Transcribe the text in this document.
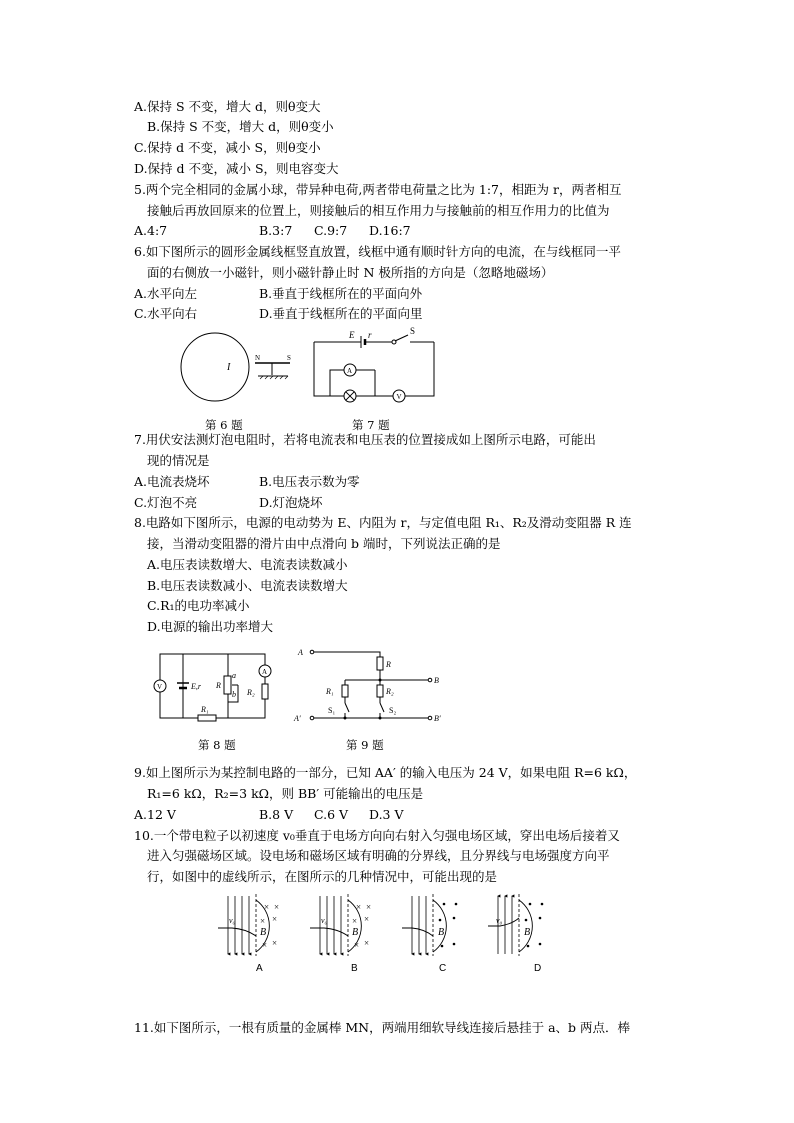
A.保持 S 不变，增大 d，则θ变大
B.保持 S 不变，增大 d，则θ变小
C.保持 d 不变，减小 S，则θ变小
D.保持 d 不变，减小 S，则电容变大
5.两个完全相同的金属小球，带异种电荷,两者带电荷量之比为 1:7，相距为 r，两者相互
接触后再放回原来的位置上，则接触后的相互作用力与接触前的相互作用力的比值为
A.4:7	B.3:7 C.9:7 D.16:7
6.如下图所示的圆形金属线框竖直放置，线框中通有顺时针方向的电流，在与线框同一平
面的右侧放一小磁针，则小磁针静止时 N 极所指的方向是（忽略地磁场）
A.水平向左	B.垂直于线框所在的平面向外
C.水平向右	D.垂直于线框所在的平面向里
I
N	S
第 6 题
E r	S
A
V
第 7 题
7.用伏安法测灯泡电阻时，若将电流表和电压表的位置接成如上图所示电路，可能出
现的情况是
A.电流表烧坏	B.电压表示数为零
C.灯泡不亮	D.灯泡烧坏
8.电路如下图所示，电源的电动势为 E、内阻为 r，与定值电阻 R₁、R₂及滑动变阻器 R 连
接，当滑动变阻器的滑片由中点滑向 b 端时，下列说法正确的是
A.电压表读数增大、电流表读数减小
B.电压表读数减小、电流表读数增大
C.R₁的电功率减小
D.电源的输出功率增大
V
A
E,r R
a
b R₂
R₁
第 8 题
A
A′
B
B′
R
R₁	R₂
S₁	S₂
第 9 题
9.如上图所示为某控制电路的一部分，已知 AA′ 的输入电压为 24 V，如果电阻 R=6 kΩ，
R₁=6 kΩ，R₂=3 kΩ，则 BB′ 可能输出的电压是
A.12 V	B.8 V C.6 V D.3 V
10.一个带电粒子以初速度 v₀垂直于电场方向向右射入匀强电场区域，穿出电场后接着又
进入匀强磁场区域。设电场和磁场区域有明确的分界线，且分界线与电场强度方向平
行，如图中的虚线所示，在图所示的几种情况中，可能出现的是
× ×
× ×
× ×
B
v₀
× ×
× ×
× ×
B
v₀
B	B
v₀
A	B	C	D
11.如下图所示，一根有质量的金属棒 MN，两端用细软导线连接后悬挂于 a、b 两点．棒
